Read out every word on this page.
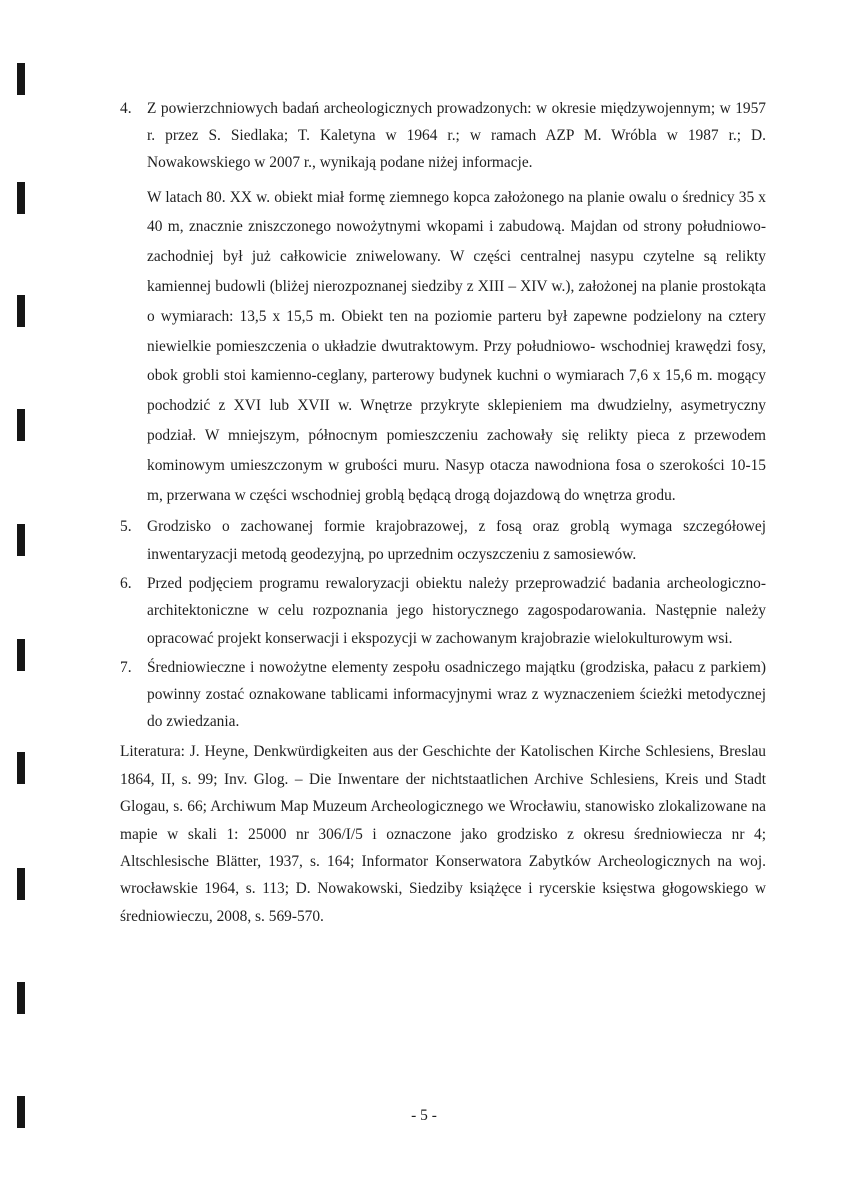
4. Z powierzchniowych badań archeologicznych prowadzonych: w okresie międzywojennym; w 1957 r. przez S. Siedlaka; T. Kaletyna w 1964 r.; w ramach AZP M. Wróbla w 1987 r.; D. Nowakowskiego w 2007 r., wynikają podane niżej informacje.
W latach 80. XX w. obiekt miał formę ziemnego kopca założonego na planie owalu o średnicy 35 x 40 m, znacznie zniszczonego nowożytnymi wkopami i zabudową. Majdan od strony południowo- zachodniej był już całkowicie zniwelowany. W części centralnej nasypu czytelne są relikty kamiennej budowli (bliżej nierozpoznanej siedziby z XIII – XIV w.), założonej na planie prostokąta o wymiarach: 13,5 x 15,5 m. Obiekt ten na poziomie parteru był zapewne podzielony na cztery niewielkie pomieszczenia o układzie dwutraktowym. Przy południowo- wschodniej krawędzi fosy, obok grobli stoi kamienno-ceglany, parterowy budynek kuchni o wymiarach 7,6 x 15,6 m. mogący pochodzić z XVI lub XVII w. Wnętrze przykryte sklepieniem ma dwudzielny, asymetryczny podział. W mniejszym, północnym pomieszczeniu zachowały się relikty pieca z przewodem kominowym umieszczonym w grubości muru. Nasyp otacza nawodniona fosa o szerokości 10-15 m, przerwana w części wschodniej groblą będącą drogą dojazdową do wnętrza grodu.
5. Grodzisko o zachowanej formie krajobrazowej, z fosą oraz groblą wymaga szczegółowej inwentaryzacji metodą geodezyjną, po uprzednim oczyszczeniu z samosiewów.
6. Przed podjęciem programu rewaloryzacji obiektu należy przeprowadzić badania archeologiczno-architektoniczne w celu rozpoznania jego historycznego zagospodarowania. Następnie należy opracować projekt konserwacji i ekspozycji w zachowanym krajobrazie wielokulturowym wsi.
7. Średniowieczne i nowożytne elementy zespołu osadniczego majątku (grodziska, pałacu z parkiem) powinny zostać oznakowane tablicami informacyjnymi wraz z wyznaczeniem ścieżki metodycznej do zwiedzania.
Literatura: J. Heyne, Denkwürdigkeiten aus der Geschichte der Katolischen Kirche Schlesiens, Breslau 1864, II, s. 99; Inv. Glog. – Die Inwentare der nichtstaatlichen Archive Schlesiens, Kreis und Stadt Glogau, s. 66; Archiwum Map Muzeum Archeologicznego we Wrocławiu, stanowisko zlokalizowane na mapie w skali 1: 25000 nr 306/I/5 i oznaczone jako grodzisko z okresu średniowiecza nr 4; Altschlesische Blätter, 1937, s. 164; Informator Konserwatora Zabytków Archeologicznych na woj. wrocławskie 1964, s. 113; D. Nowakowski, Siedziby książęce i rycerskie księstwa głogowskiego w średniowieczu, 2008, s. 569-570.
- 5 -
